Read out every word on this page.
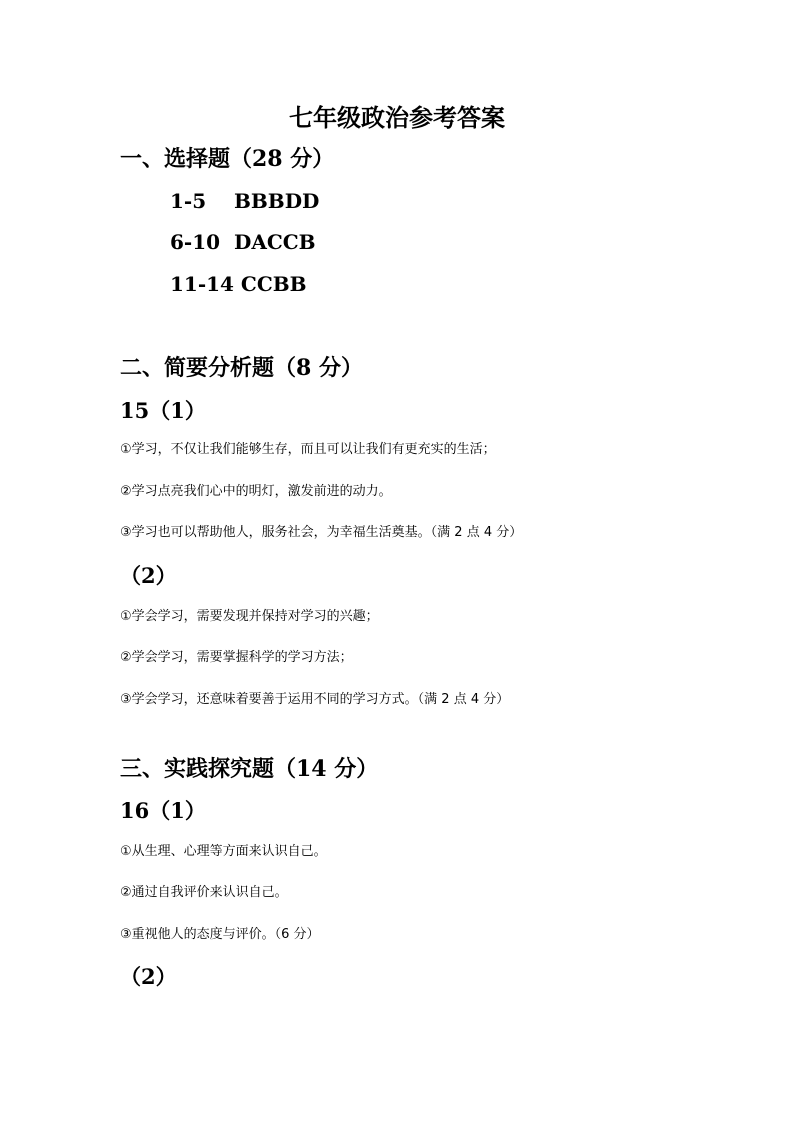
七年级政治参考答案
一、选择题（28 分）
1-5    BBBDD
6-10  DACCB
11-14 CCBB
二、简要分析题（8 分）
15（1）
①学习，不仅让我们能够生存，而且可以让我们有更充实的生活；
②学习点亮我们心中的明灯，激发前进的动力。
③学习也可以帮助他人，服务社会，为幸福生活奠基。（满 2 点 4 分）
（2）
①学会学习，需要发现并保持对学习的兴趣；
②学会学习，需要掌握科学的学习方法；
③学会学习，还意味着要善于运用不同的学习方式。（满 2 点 4 分）
三、实践探究题（14 分）
16（1）
①从生理、心理等方面来认识自己。
②通过自我评价来认识自己。
③重视他人的态度与评价。（6 分）
（2）
